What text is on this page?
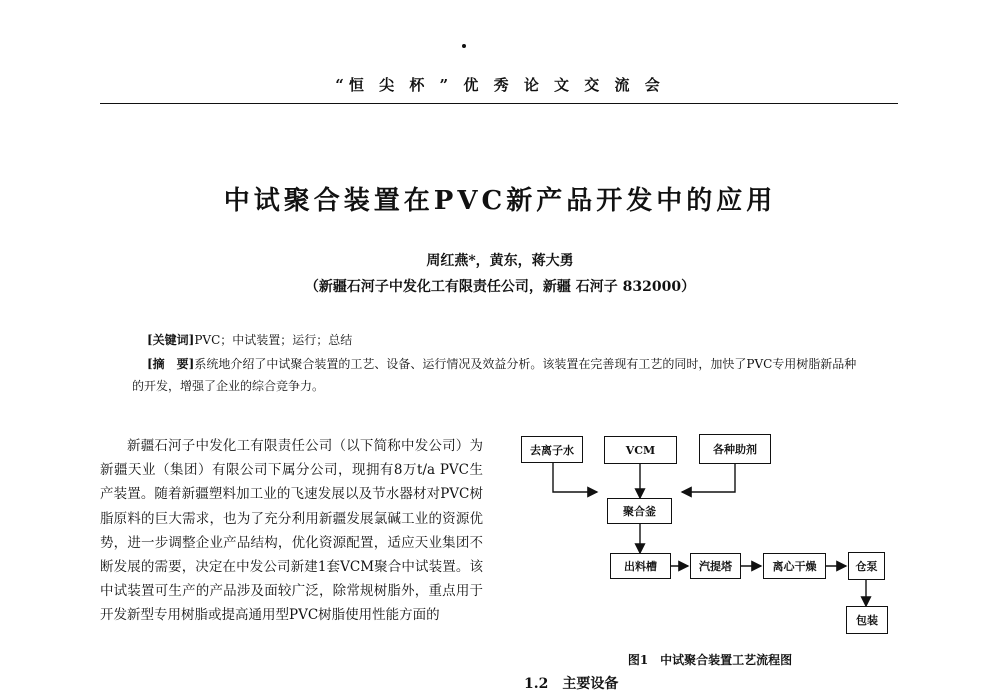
“恒 尖 杯 ” 优 秀 论 文 交 流 会
中试聚合装置在PVC新产品开发中的应用
周红燕*，黄东，蒋大勇
（新疆石河子中发化工有限责任公司，新疆 石河子 832000）
[关键词]PVC；中试装置；运行；总结
[摘　要]系统地介绍了中试聚合装置的工艺、设备、运行情况及效益分析。该装置在完善现有工艺的同时，加快了PVC专用树脂新品种的开发，增强了企业的综合竞争力。
新疆石河子中发化工有限责任公司（以下简称中发公司）为新疆天业（集团）有限公司下属分公司，现拥有8万t/a PVC生产装置。随着新疆塑料加工业的飞速发展以及节水器材对PVC树脂原料的巨大需求，也为了充分利用新疆发展氯碱工业的资源优势，进一步调整企业产品结构，优化资源配置，适应天业集团不断发展的需要，决定在中发公司新建1套VCM聚合中试装置。该中试装置可生产的产品涉及面较广泛，除常规树脂外，重点用于开发新型专用树脂或提高通用型PVC树脂使用性能方面的
去离子水	VCM	各种助剂
聚合釜
出料槽	汽提塔	离心干燥	仓泵
包装
图1　中试聚合装置工艺流程图
1.2　主要设备
